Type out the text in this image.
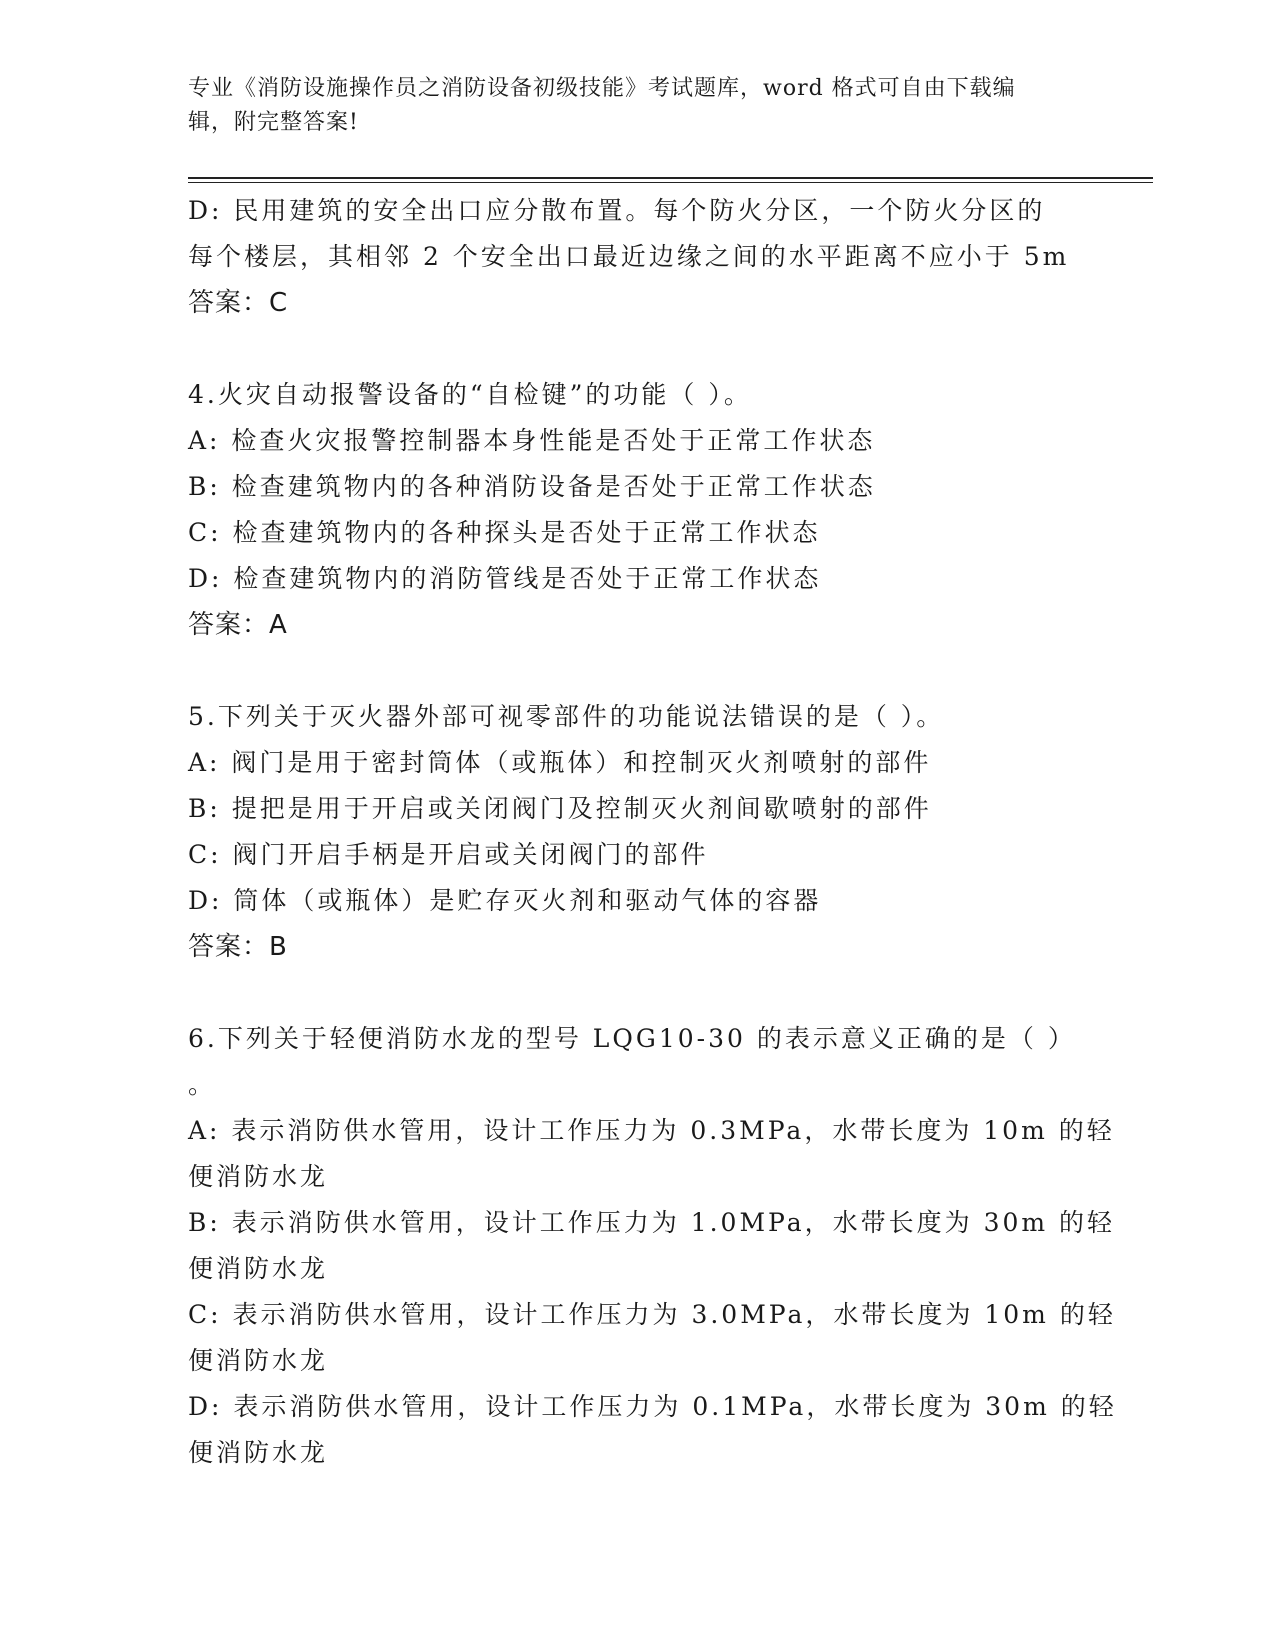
专业《消防设施操作员之消防设备初级技能》考试题库，word 格式可自由下载编
辑，附完整答案!
D: 民用建筑的安全出口应分散布置。每个防火分区，一个防火分区的
每个楼层，其相邻 2 个安全出口最近边缘之间的水平距离不应小于 5m
答案：C
4.火灾自动报警设备的“自检键”的功能（ ）。
A: 检查火灾报警控制器本身性能是否处于正常工作状态
B: 检查建筑物内的各种消防设备是否处于正常工作状态
C: 检查建筑物内的各种探头是否处于正常工作状态
D: 检查建筑物内的消防管线是否处于正常工作状态
答案：A
5.下列关于灭火器外部可视零部件的功能说法错误的是（ ）。
A: 阀门是用于密封筒体（或瓶体）和控制灭火剂喷射的部件
B: 提把是用于开启或关闭阀门及控制灭火剂间歇喷射的部件
C: 阀门开启手柄是开启或关闭阀门的部件
D: 筒体（或瓶体）是贮存灭火剂和驱动气体的容器
答案：B
6.下列关于轻便消防水龙的型号 LQG10-30 的表示意义正确的是（ ）
。
A: 表示消防供水管用，设计工作压力为 0.3MPa，水带长度为 10m 的轻
便消防水龙
B: 表示消防供水管用，设计工作压力为 1.0MPa，水带长度为 30m 的轻
便消防水龙
C: 表示消防供水管用，设计工作压力为 3.0MPa，水带长度为 10m 的轻
便消防水龙
D: 表示消防供水管用，设计工作压力为 0.1MPa，水带长度为 30m 的轻
便消防水龙
